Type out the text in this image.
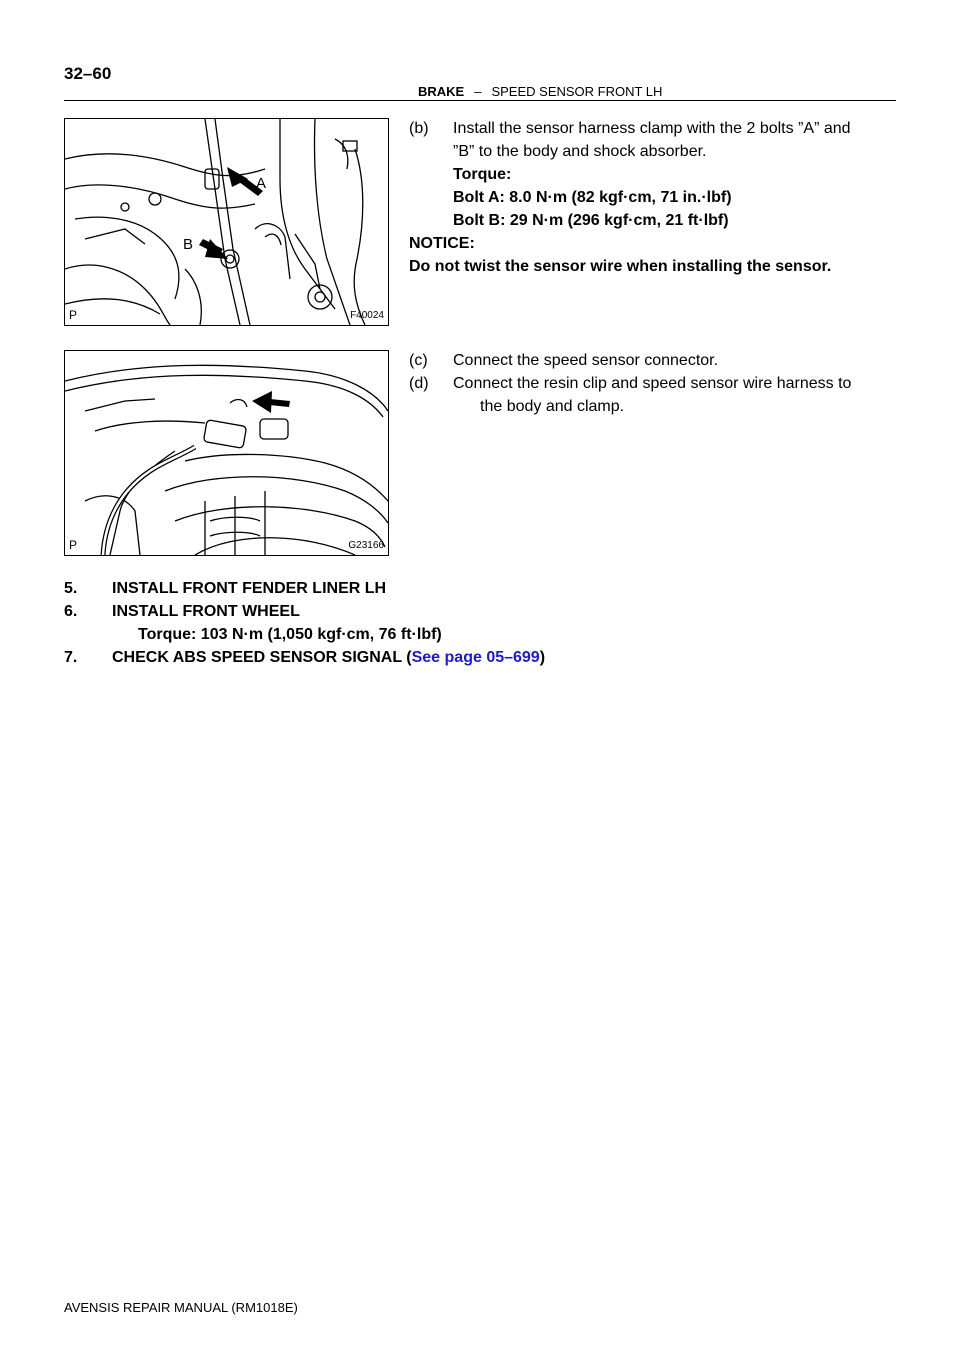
32–60
BRAKE – SPEED SENSOR FRONT LH
A
B
P	F40024
P	G23166
(b) Install the sensor harness clamp with the 2 bolts ”A” and
”B” to the body and shock absorber.
Torque:
Bolt A: 8.0 N·m (82 kgf·cm, 71 in.·lbf)
Bolt B: 29 N·m (296 kgf·cm, 21 ft·lbf)
NOTICE:
Do not twist the sensor wire when installing the sensor.
(c) Connect the speed sensor connector.
(d) Connect the resin clip and speed sensor wire harness to
the body and clamp.
5. INSTALL FRONT FENDER LINER LH
6. INSTALL FRONT WHEEL
Torque: 103 N·m (1,050 kgf·cm, 76 ft·lbf)
7. CHECK ABS SPEED SENSOR SIGNAL (See page 05–699)
AVENSIS REPAIR MANUAL (RM1018E)
